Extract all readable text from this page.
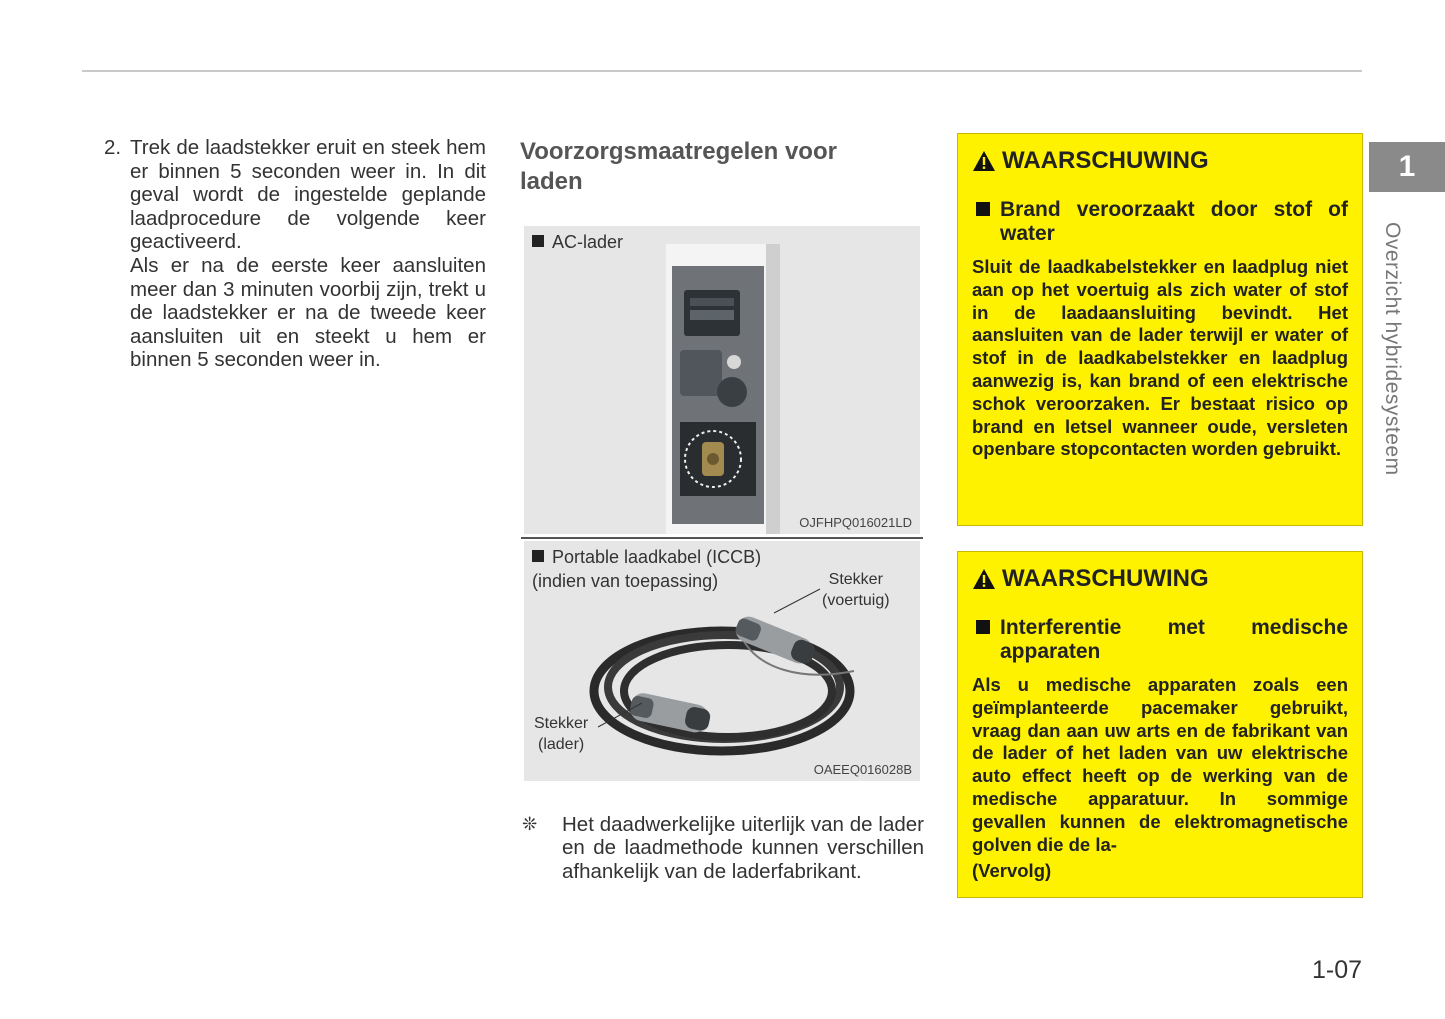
2. Trek de laadstekker eruit en steek hem er binnen 5 seconden weer in. In dit geval wordt de ingestelde geplande laadprocedure de volgende keer geactiveerd.

Als er na de eerste keer aansluiten meer dan 3 minuten voorbij zijn, trekt u de laadstekker er na de tweede keer aansluiten uit en steekt u hem er binnen 5 seconden weer in.

Voorzorgsmaatregelen voor laden
AC-lader
OJFHPQ016021LD
Portable laadkabel (ICCB)
(indien van toepassing)	Stekker
(voertuig)
Stekker
(lader)
OAEEQ016028B
❊ Het daadwerkelijke uiterlijk van de lader en de laadmethode kunnen verschillen afhankelijk van de laderfabrikant.
WAARSCHUWING
Brand veroorzaakt door stof of water
Sluit de laadkabelstekker en laadplug niet aan op het voertuig als zich water of stof in de laadaansluiting bevindt. Het aansluiten van de lader terwijl er water of stof in de laadkabelstekker en laadplug aanwezig is, kan brand of een elektrische schok veroorzaken. Er bestaat risico op brand en letsel wanneer oude, versleten openbare stopcontacten worden gebruikt.
WAARSCHUWING
Interferentie met medische apparaten
Als u medische apparaten zoals een geïmplanteerde pacemaker gebruikt, vraag dan aan uw arts en de fabrikant van de lader of het laden van uw elektrische auto effect heeft op de werking van de medische apparatuur. In sommige gevallen kunnen de elektromagnetische golven die de la-
(Vervolg)
1
Overzicht hybridesysteem
1-07
